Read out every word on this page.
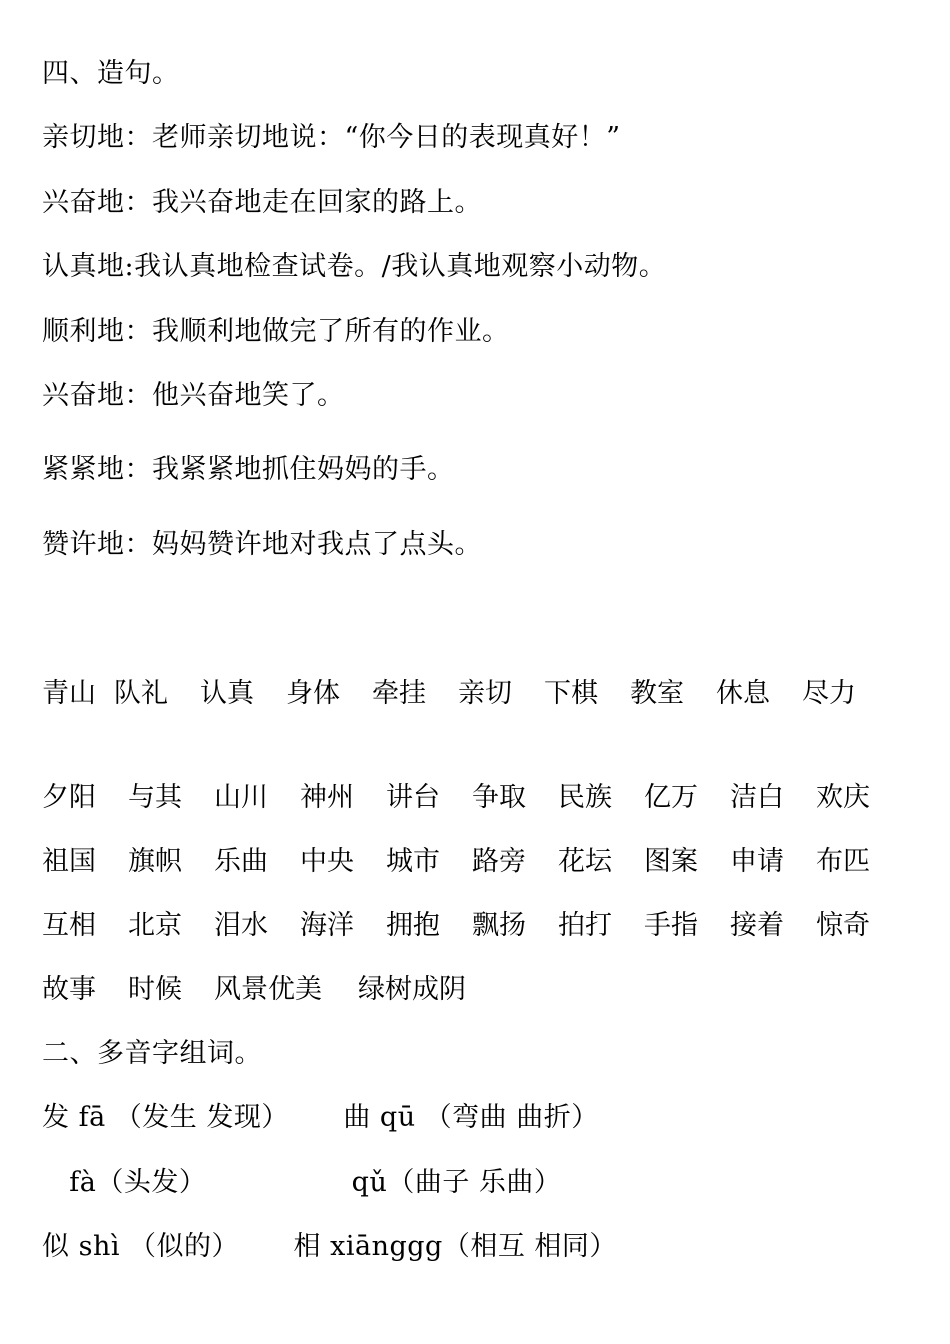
四、造句。
亲切地：老师亲切地说：“你今日的表现真好！”
兴奋地：我兴奋地走在回家的路上。
认真地:我认真地检查试卷。/我认真地观察小动物。
顺利地：我顺利地做完了所有的作业。
兴奋地：他兴奋地笑了。
紧紧地：我紧紧地抓住妈妈的手。
赞许地：妈妈赞许地对我点了点头。

青山

队礼

认真

身体

牵挂

亲切

下棋

教室

休息

尽力

夕阳

与其

山川

神州

讲台

争取

民族

亿万

洁白

欢庆

祖国

旗帜

乐曲

中央

城市

路旁

花坛

图案

申请

布匹

互相

北京

泪水

海洋

拥抱

飘扬

拍打

手指

接着

惊奇

故事

时候

风景优美

绿树成阴

二、多音字组词。
发 fā （发生 发现）      曲 qū （弯曲 曲折）
fà（头发）                qǔ（曲子 乐曲）
似 shì （似的）      相 xiānggg（相互 相同）
